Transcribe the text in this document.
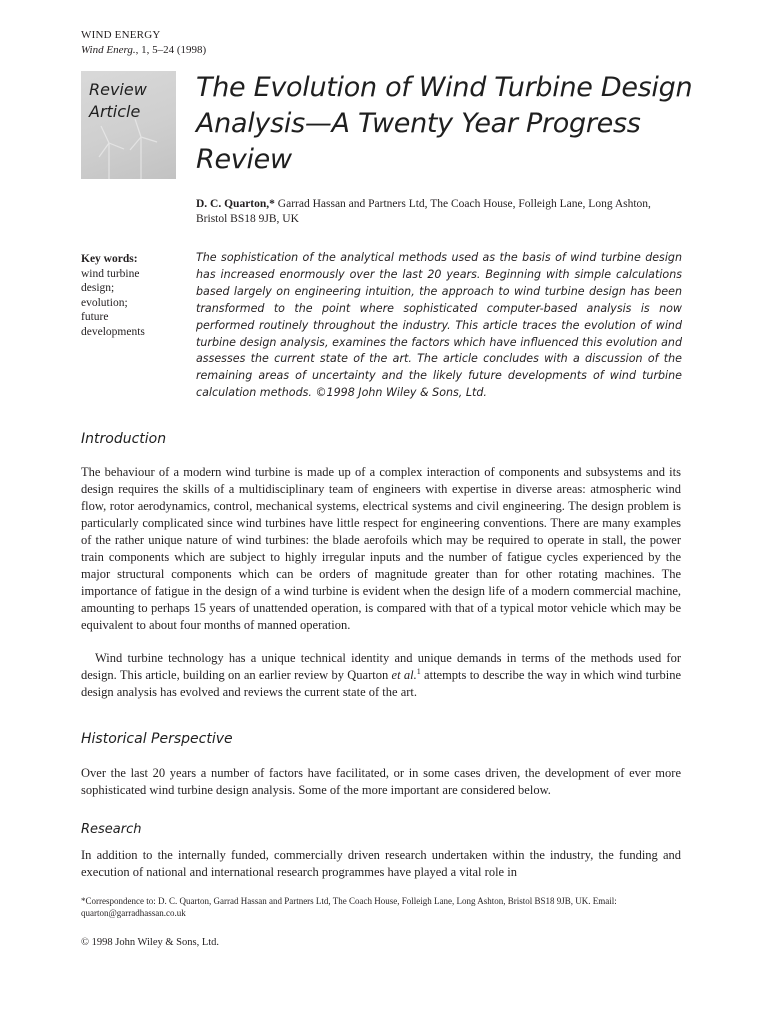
WIND ENERGY
Wind Energ., 1, 5–24 (1998)
Review Article
The Evolution of Wind Turbine Design Analysis—A Twenty Year Progress Review
D. C. Quarton,* Garrad Hassan and Partners Ltd, The Coach House, Folleigh Lane, Long Ashton, Bristol BS18 9JB, UK
Key words:
wind turbine
design;
evolution;
future
developments

The sophistication of the analytical methods used as the basis of wind turbine design has increased enormously over the last 20 years. Beginning with simple calculations based largely on engineering intuition, the approach to wind turbine design has been transformed to the point where sophisticated computer-based analysis is now performed routinely throughout the industry. This article traces the evolution of wind turbine design analysis, examines the factors which have influenced this evolution and assesses the current state of the art. The article concludes with a discussion of the remaining areas of uncertainty and the likely future developments of wind turbine calculation methods. ©1998 John Wiley & Sons, Ltd.

Introduction

The behaviour of a modern wind turbine is made up of a complex interaction of components and subsystems and its design requires the skills of a multidisciplinary team of engineers with expertise in diverse areas: atmospheric wind flow, rotor aerodynamics, control, mechanical systems, electrical systems and civil engineering. The design problem is particularly complicated since wind turbines have little respect for engineering conventions. There are many examples of the rather unique nature of wind turbines: the blade aerofoils which may be required to operate in stall, the power train components which are subject to highly irregular inputs and the number of fatigue cycles experienced by the major structural components which can be orders of magnitude greater than for other rotating machines. The importance of fatigue in the design of a wind turbine is evident when the design life of a modern commercial machine, amounting to perhaps 15 years of unattended operation, is compared with that of a typical motor vehicle which may be equivalent to about four months of manned operation.

Wind turbine technology has a unique technical identity and unique demands in terms of the methods used for design. This article, building on an earlier review by Quarton et al.$^1$ attempts to describe the way in which wind turbine design analysis has evolved and reviews the current state of the art.

Historical Perspective

Over the last 20 years a number of factors have facilitated, or in some cases driven, the development of ever more sophisticated wind turbine design analysis. Some of the more important are considered below.

Research

In addition to the internally funded, commercially driven research undertaken within the industry, the funding and execution of national and international research programmes have played a vital role in

*Correspondence to: D. C. Quarton, Garrad Hassan and Partners Ltd, The Coach House, Folleigh Lane, Long Ashton, Bristol BS18 9JB, UK. Email: quarton@garradhassan.co.uk
© 1998 John Wiley & Sons, Ltd.
